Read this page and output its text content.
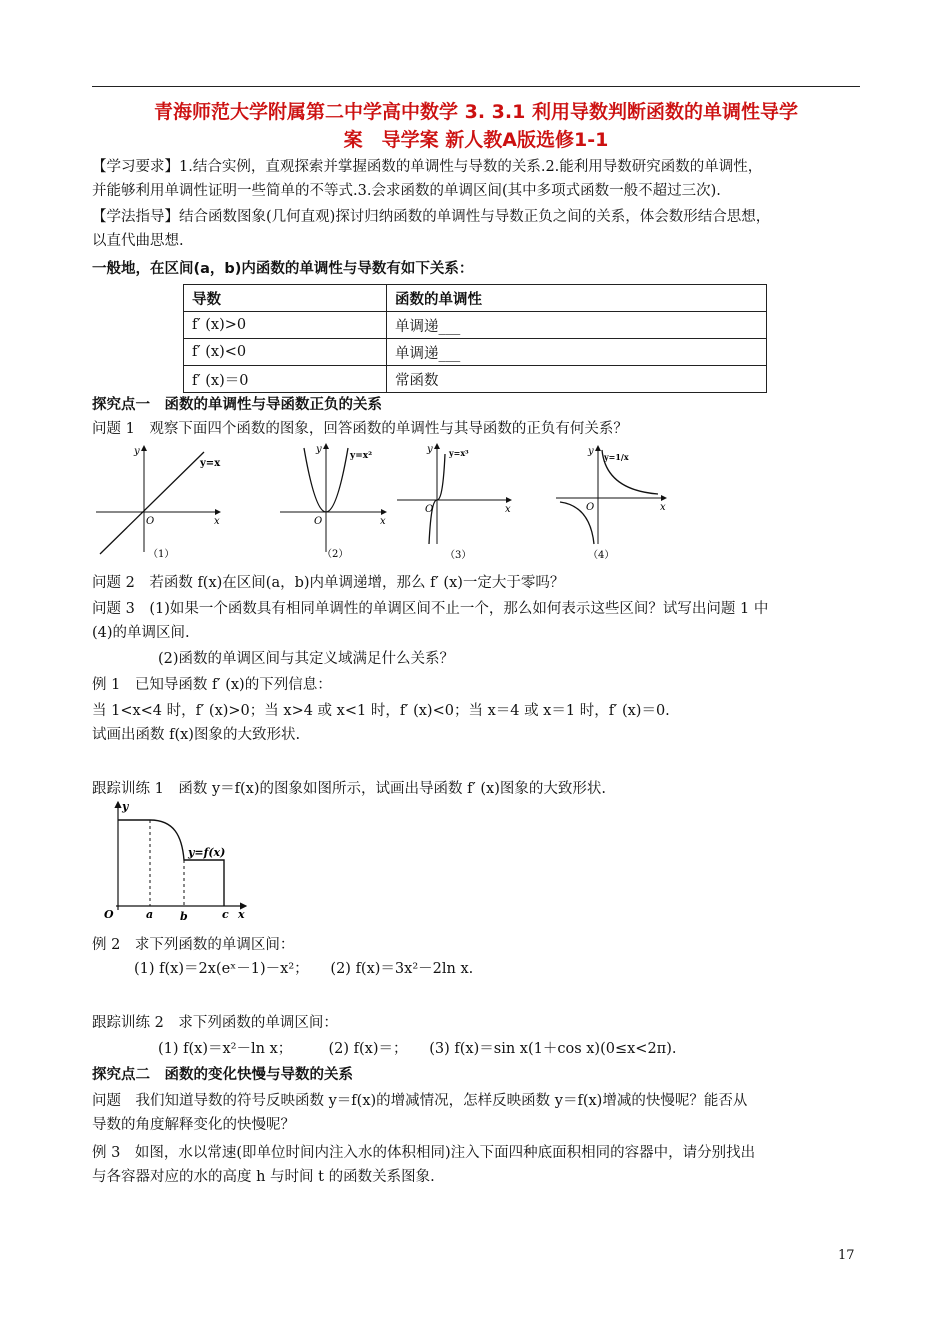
青海师范大学附属第二中学高中数学 3. 3.1 利用导数判断函数的单调性导学
案　导学案 新人教A版选修1-1
【学习要求】1.结合实例，直观探索并掌握函数的单调性与导数的关系.2.能利用导数研究函数的单调性，
并能够利用单调性证明一些简单的不等式.3.会求函数的单调区间(其中多项式函数一般不超过三次).
【学法指导】结合函数图象(几何直观)探讨归纳函数的单调性与导数正负之间的关系，体会数形结合思想，
以直代曲思想.
一般地，在区间(a，b)内函数的单调性与导数有如下关系：
导数	函数的单调性
f′ (x)>0	单调递___
f′ (x)<0	单调递___
f′ (x)＝0	常函数
探究点一　函数的单调性与导函数正负的关系
问题 1　观察下面四个函数的图象，回答函数的单调性与其导函数的正负有何关系？
y
x
O
y=x
（1）
y
x
O
y=x²
（2）
y
x
O
y=x³
（3）
y
x
O
y=1/x
（4）
问题 2　若函数 f(x)在区间(a，b)内单调递增，那么 f′ (x)一定大于零吗？
问题 3　(1)如果一个函数具有相同单调性的单调区间不止一个，那么如何表示这些区间？试写出问题 1 中
(4)的单调区间.
(2)函数的单调区间与其定义域满足什么关系？
例 1　已知导函数 f′ (x)的下列信息：
当 1<x<4 时，f′ (x)>0；当 x>4 或 x<1 时，f′ (x)<0；当 x＝4 或 x＝1 时，f′ (x)＝0.
试画出函数 f(x)图象的大致形状.
跟踪训练 1　函数 y＝f(x)的图象如图所示，试画出导函数 f′ (x)图象的大致形状.
y
O	a b	c x
y=f(x)
例 2　求下列函数的单调区间：
(1) f(x)＝2x(eˣ－1)－x²；　　(2) f(x)＝3x²－2ln x.
跟踪训练 2　求下列函数的单调区间：
(1) f(x)＝x²－ln x；　　　(2) f(x)＝；　　(3) f(x)＝sin x(1＋cos x)(0≤x<2π).
探究点二　函数的变化快慢与导数的关系
问题　我们知道导数的符号反映函数 y＝f(x)的增减情况，怎样反映函数 y＝f(x)增减的快慢呢？能否从
导数的角度解释变化的快慢呢？
例 3　如图，水以常速(即单位时间内注入水的体积相同)注入下面四种底面积相同的容器中，请分别找出
与各容器对应的水的高度 h 与时间 t 的函数关系图象.
17
